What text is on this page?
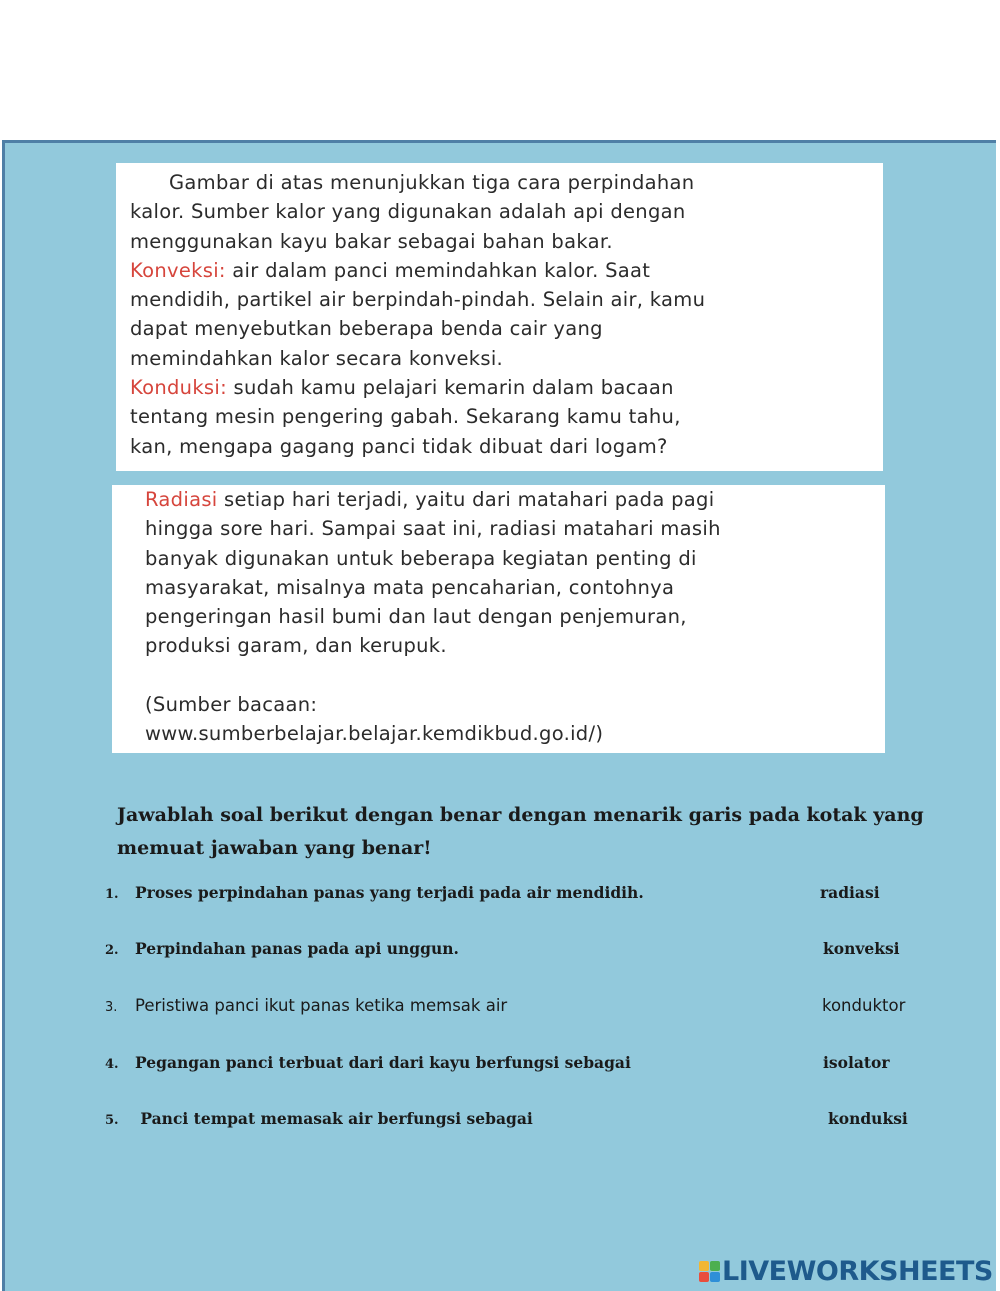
Gambar di atas menunjukkan tiga cara perpindahan
kalor. Sumber kalor yang digunakan adalah api dengan
menggunakan kayu bakar sebagai bahan bakar.
Konveksi: air dalam panci memindahkan kalor. Saat
mendidih, partikel air berpindah-pindah. Selain air, kamu
dapat menyebutkan beberapa benda cair yang
memindahkan kalor secara konveksi.
Konduksi: sudah kamu pelajari kemarin dalam bacaan
tentang mesin pengering gabah. Sekarang kamu tahu,
kan, mengapa gagang panci tidak dibuat dari logam?
Radiasi setiap hari terjadi, yaitu dari matahari pada pagi
hingga sore hari. Sampai saat ini, radiasi matahari masih
banyak digunakan untuk beberapa kegiatan penting di
masyarakat, misalnya mata pencaharian, contohnya
pengeringan hasil bumi dan laut dengan penjemuran,
produksi garam, dan kerupuk.
(Sumber bacaan:
www.sumberbelajar.belajar.kemdikbud.go.id/)
Jawablah soal berikut dengan benar dengan menarik garis pada kotak yang memuat jawaban yang benar!
1. Proses perpindahan panas yang terjadi pada air mendidih.
2. Perpindahan panas pada api unggun.
3. Peristiwa panci ikut panas ketika memsak air
4. Pegangan panci terbuat dari dari kayu berfungsi sebagai
5. Panci tempat memasak air berfungsi sebagai
radiasi
konveksi
konduktor
isolator
konduksi
LIVEWORKSHEETS
